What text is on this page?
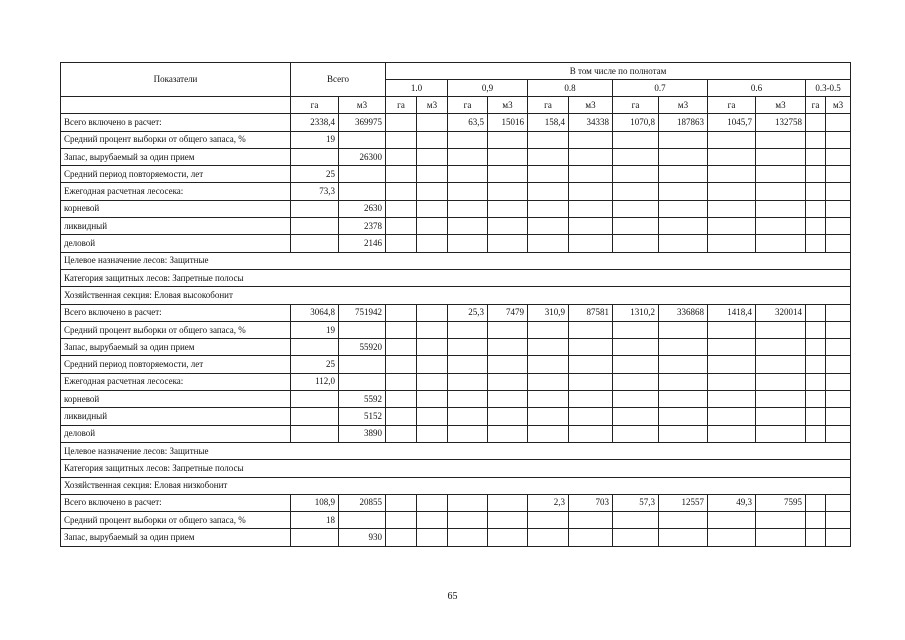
Показатели	Всего		В том числе по полнотам											
			1.0		0,9		0.8		0.7		0.6		0.3-0.5	
	га	м3	га	м3	га	м3	га	м3	га	м3	га	м3	га	м3
Всего включено в расчет:	2338,4	369975			63,5	15016	158,4	34338	1070,8	187863	1045,7	132758		
Средний процент выборки от общего запаса, %	19													
Запас, вырубаемый за один прием		26300												
Средний период повторяемости, лет	25													
Ежегодная расчетная лесосека:	73,3													
корневой		2630												
ликвидный		2378												
деловой		2146												
Целевое назначение лесов: Защитные														
Категория защитных лесов: Запретные полосы														
Хозяйственная секция: Еловая высокобонит														
Всего включено в расчет:	3064,8	751942			25,3	7479	310,9	87581	1310,2	336868	1418,4	320014		
Средний процент выборки от общего запаса, %	19													
Запас, вырубаемый за один прием		55920												
Средний период повторяемости, лет	25													
Ежегодная расчетная лесосека:	112,0													
корневой		5592												
ликвидный		5152												
деловой		3890												
Целевое назначение лесов: Защитные														
Категория защитных лесов: Запретные полосы														
Хозяйственная секция: Еловая низкобонит														
Всего включено в расчет:	108,9	20855					2,3	703	57,3	12557	49,3	7595		
Средний процент выборки от общего запаса, %	18													
Запас, вырубаемый за один прием		930												
65
